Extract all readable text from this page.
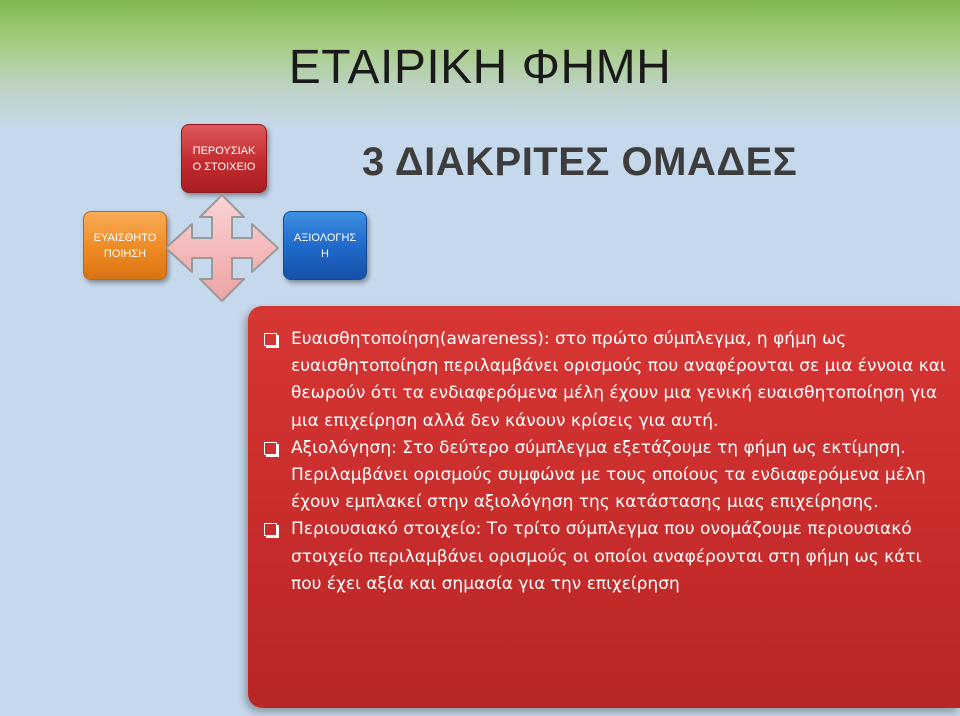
ΕΤΑΙΡΙΚΗ ΦΗΜΗ
3 ΔΙΑΚΡΙΤΕΣ ΟΜΑΔΕΣ
ΠΕΡΟΥΣΙΑΚ
Ο ΣΤΟΙΧΕΙΟ
ΕΥΑΙΣΘΗΤΟ
ΠΟΙΗΣΗ
ΑΞΙΟΛΟΓΗΣ
Η
Ευαισθητοποίηση(awareness): στο πρώτο σύμπλεγμα, η φήμη ως ευαισθητοποίηση περιλαμβάνει ορισμούς που αναφέρονται σε μια έννοια και θεωρούν ότι τα ενδιαφερόμενα μέλη έχουν μια γενική ευαισθητοποίηση για μια επιχείρηση αλλά δεν κάνουν κρίσεις για αυτή.
Αξιολόγηση: Στο δεύτερο σύμπλεγμα εξετάζουμε τη φήμη ως εκτίμηση. Περιλαμβάνει ορισμούς συμφώνα με τους οποίους τα ενδιαφερόμενα μέλη έχουν εμπλακεί στην αξιολόγηση της κατάστασης μιας επιχείρησης.
Περιουσιακό στοιχείο: Το τρίτο σύμπλεγμα που ονομάζουμε περιουσιακό στοιχείο περιλαμβάνει ορισμούς οι οποίοι αναφέρονται στη φήμη ως κάτι που έχει αξία και σημασία για την επιχείρηση
